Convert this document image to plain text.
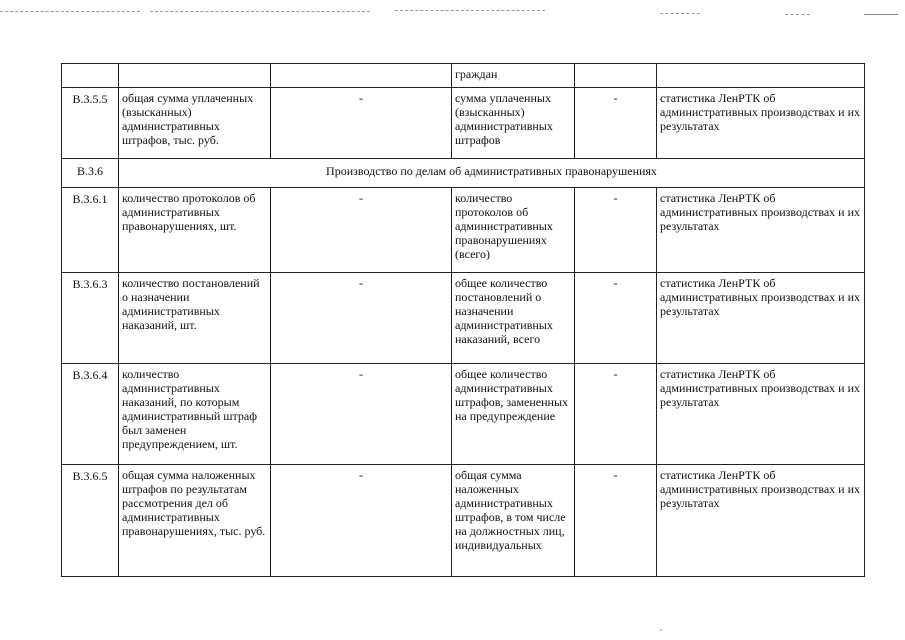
			граждан		

В.3.5.5	общая сумма уплаченных (взысканных) административных штрафов, тыс. руб.	-	сумма уплаченных (взысканных) административных штрафов	-	статистика ЛенРТК об административных производствах и их результатах

В.3.6	Производство по делам об административных правонарушениях				
В.3.6.1	количество протоколов об административных правонарушениях, шт.	-	количество протоколов об административных правонарушениях (всего)	-	статистика ЛенРТК об административных производствах и их результатах

В.3.6.3	количество постановлений о назначении административных наказаний, шт.	-	общее количество постановлений о назначении административных наказаний, всего	-	статистика ЛенРТК об административных производствах и их результатах

В.3.6.4	количество административных наказаний, по которым административный штраф был заменен предупреждением, шт.	-	общее количество административных штрафов, замененных на предупреждение	-	статистика ЛенРТК об административных производствах и их результатах

В.3.6.5	общая сумма наложенных штрафов по результатам рассмотрения дел об административных правонарушениях, тыс. руб.	-	общая сумма наложенных административных штрафов, в том числе на должностных лиц, индивидуальных	-	статистика ЛенРТК об административных производствах и их результатах
